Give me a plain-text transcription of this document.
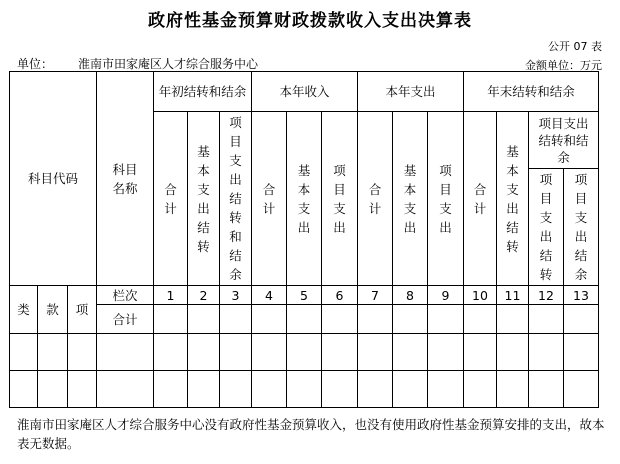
政府性基金预算财政拨款收入支出决算表
公开 07 表
单位： 淮南市田家庵区人才综合服务中心	金额单位：万元
科目代码			科目名称	年初结转和结余			本年收入			本年支出			年末结转和结余			
				合计	基本支出结转	项目支出结转和结余	合计	基本支出	项目支出	合计	基本支出	项目支出	合计	基本支出结转	项目支出结转和结余	
															项目支出结转	项目支出结余
类	款	项	栏次	1	2	3	4	5	6	7	8	9	10	11	12	13
			合计													

淮南市田家庵区人才综合服务中心没有政府性基金预算收入，也没有使用政府性基金预算安排的支出，故本表无数据。
